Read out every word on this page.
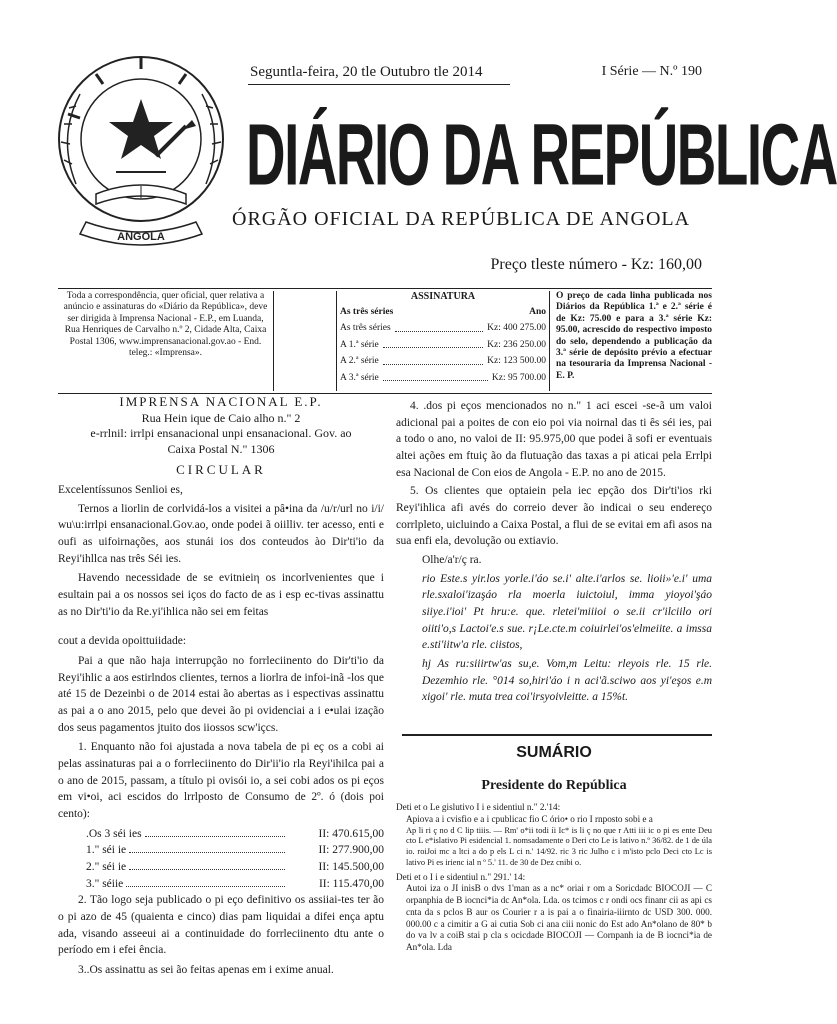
ANGOLA
Seguntla-feira, 20 tle Outubro tle 2014	I Série — N.º 190
DIÁRIO DA REPÚBLICA
ÓRGÃO OFICIAL DA REPÚBLICA DE ANGOLA
Preço tleste número - Kz: 160,00
Toda a correspondência, quer oficial, quer relativa a anúncio e assinaturas do «Diário da República», deve ser dirigida à Imprensa Nacional - E.P., em Luanda, Rua Henriques de Carvalho n.º 2, Cidade Alta, Caixa Postal 1306, www.imprensanacional.gov.ao - End. teleg.: «Imprensa».
ASSINATURA
As três séries	Ano
As três séries	Kz: 400 275.00
A 1.ª série	Kz: 236 250.00
A 2.ª série	Kz: 123 500.00
A 3.ª série	Kz: 95 700.00
O preço de cada linha publicada nos Diários da República 1.ª e 2.ª série é de Kz: 75.00 e para a 3.ª série Kz: 95.00, acrescido do respectivo imposto do selo, dependendo a publicação da 3.ª série de depósito prévio a efectuar na tesouraria da Imprensa Nacional - E. P.
IMPRENSA NACIONAL E.P.
Rua Hein ique de Caio alho n." 2
e-rrlnil: irrlpi ensanacional unpi ensanacional. Gov. ao
Caixa Postal N." 1306
CIRCULAR

Excelentíssunos Senlioi es,

Ternos a liorlin de corlvidá-los a visitei a pâ•ina da /u/r/url no i/i/ wu\u:irrlpi ensanacional.Gov.ao, onde podei ã oiilliv. ter acesso, enti e oufi as uifoirnações, aos stunái ios dos conteudos ào Dir'ti'io da Reyi'ihllca nas três Séi ies.

Havendo necessidade de se evitnieiη os incorlvenientes que i esultain pai a os nossos sei iços do facto de as i esp ec-tivas assinattu as no Dir'ti'io da Re.yi'ihlica não sei em feitas

cout a devida opoittuiidade:

Pai a que não haja interrupção no forrleciinento do Dir'ti'io da Reyi'ihlic a aos estirlndos clientes, ternos a liorlra de infoi-inã -los que até 15 de Dezeinbi o de 2014 estai ão abertas as i espectivas assinattu as pai a o ano 2015, pelo que devei ão pi ovidenciai a i e•ulai ização dos seus pagamentos jtuito dos iiossos scw'içcs.

1. Enquanto não foi ajustada a nova tabela de pi eç os a cobi ai pelas assinaturas pai a o forrleciinento do Dir'ii'io rla Reyi'ihilca pai a o ano de 2015, passam, a título pi ovisói io, a sei cobi ados os pi eços em vi•oi, aci escidos do lrrlposto de Consumo de 2º. ó (dois poi cento):

.Os 3 séi ies	II: 470.615,00
1." séi ie	II: 277.900,00
2." séi ie	II: 145.500,00
3." séiie	II: 115.470,00

2. Tão logo seja publicado o pi eço definitivo os assiiai-tes ter ão o pi azo de 45 (quaienta e cinco) dias pam liquidai a difei ença aptu ada, visando asseeui ai a continuidade do forrleciinento dtu ante o período em i efei ência.

3..Os assinattu as sei ão feitas apenas em i exime anual.

4. .dos pi eços mencionados no n." 1 aci escei -se-ã um valoi adicional pai a poites de con eio poi via noirnal das ti ês séi ies, pai a todo o ano, no valoi de II: 95.975,00 que podei ã sofi er eventuais altei ações em ftuiç ão da flutuação das taxas a pi aticai pela Errlpi esa Nacional de Con eios de Angola - E.P. no ano de 2015.

5. Os clientes que optaiein pela iec epção dos Dir'ti'ios rki Reyi'ihlica afi avés do correio dever ão indicai o seu endereço corrlpleto, uicluindo a Caixa Postal, a flui de se evitai em afi asos na sua enfi ela, devolução ou extiavio.

Olhe/a'r/ç ra.

rio Este.s yir.los yorle.i'áo se.i' alte.i'arlos se. lioii»'e.i' uma rle.sxaloi'izaşáo rla moerla iuictoiul, imma yioyoi'şáo siiye.i'ioi' Pt hru:e. que. rletei'miiioi o se.ii cr'ilciilo ori oiiti'o,s Lactoi'e.s sue. r¡Le.cte.m coiuirlei'os'elmeiite. a imssa e.sti'iitw'a rle. ciistos,

hj As ru:siiirtw'as su,e. Vom,m Leitu: rleyois rle. 15 rle. Dezemhio rle. °014 so,hiri'áo i n aci'ã.sciwo aos yi'eşos e.m xigoi' rle. muta trea coi'irsyoivleitte. a 15%t.

SUMÁRIO
Presidente do República
Deti et o Le gislutivo I i e sidentiul n." 2.'14:
Apiova a i cvisfio e a i cpublicac fio C ório• o rio I rnposto sobi e a
Ap li ri ç no d C lip tiiis. — Rm' o*ii todi íi Ic* is li ç no que r Atti iii ic o pi es ente Deu cto L e*islativo Pi esidencial 1. nomsadamente o Deri cto Le is lativo n.º 36/82. de 1 de úla io. roiJoi mc a ltci a do p els L ci n.' 14/92. ric 3 ric Julho c i m'isto pclo Deci cto Lc is lativo Pi es irienc ial n º 5.' 11. de 30 de Dez cnibi o.
Deti et o I i e sidentiul n." 291.' 14:
Autoi iza o JI inisB o dvs 1'man as a nc* oriai r om a Soricdadc BIOCOJI — C orpanphia de B iocnci*ia dc An*ola. Lda. os tcimos c r ondi ocs finanr cii as api cs cnta da s pclos B aur os Courier r a is pai a o finairia-iiirnto dc USD 300. 000. 000.00 c a cimitir a G ai cutia Sob ci ana ciii nonic do Est ado An*olano de 80* b do va lv a coiB stai p cla s ocicdade BIOCOJI — Cornpanh ia de B iocnci*ia de An*ola. Lda
